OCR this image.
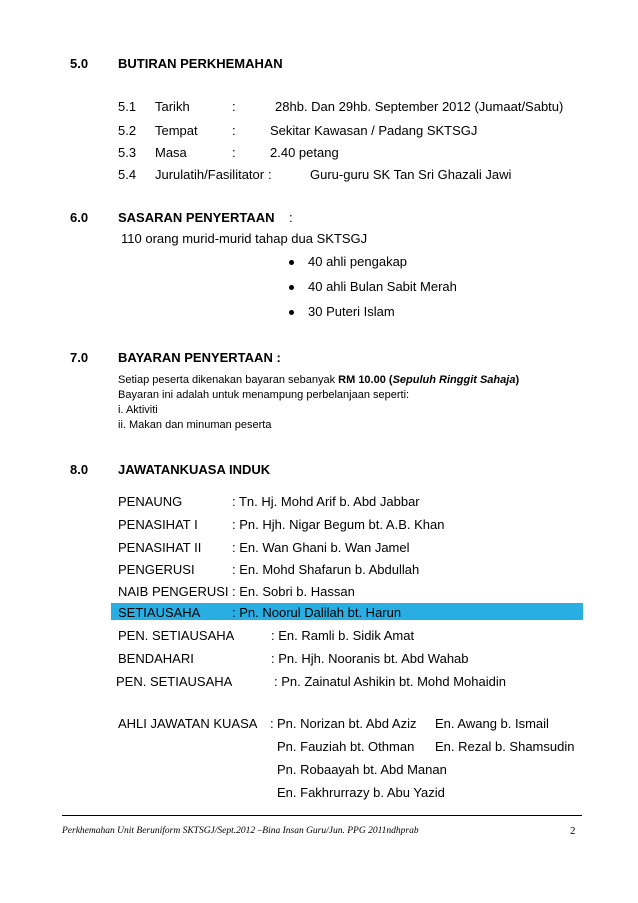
5.0 BUTIRAN PERKHEMAHAN
5.1 Tarikh	:	28hb. Dan 29hb. September 2012 (Jumaat/Sabtu)
5.2 Tempat	:	Sekitar Kawasan / Padang SKTSGJ
5.3 Masa	:	2.40 petang
5.4 Jurulatih/Fasilitator :	Guru-guru SK Tan Sri Ghazali Jawi
6.0 SASARAN PENYERTAAN :
110 orang murid-murid tahap dua SKTSGJ
40 ahli pengakap
40 ahli Bulan Sabit Merah
30 Puteri Islam
7.0 BAYARAN PENYERTAAN :
Setiap peserta dikenakan bayaran sebanyak RM 10.00 (Sepuluh Ringgit Sahaja)
Bayaran ini adalah untuk menampung perbelanjaan seperti:
i. Aktiviti
ii. Makan dan minuman peserta
8.0 JAWATANKUASA INDUK
PENAUNG	: Tn. Hj. Mohd Arif b. Abd Jabbar
PENASIHAT I	: Pn. Hjh. Nigar Begum bt. A.B. Khan
PENASIHAT II : En. Wan Ghani b. Wan Jamel
PENGERUSI	: En. Mohd Shafarun b. Abdullah
NAIB PENGERUSI : En. Sobri b. Hassan
SETIAUSAHA : Pn. Noorul Dalilah bt. Harun
PEN. SETIAUSAHA	: En. Ramli b. Sidik Amat
BENDAHARI	: Pn. Hjh. Nooranis bt. Abd Wahab
PEN. SETIAUSAHA	: Pn. Zainatul Ashikin bt. Mohd Mohaidin
AHLI JAWATAN KUASA : Pn. Norizan bt. Abd Aziz En. Awang b. Ismail
Pn. Fauziah bt. Othman En. Rezal b. Shamsudin
Pn. Robaayah bt. Abd Manan
En. Fakhrurrazy b. Abu Yazid
Perkhemahan Unit Beruniform SKTSGJ/Sept.2012 –Bina Insan Guru/Jun. PPG 2011ndhprab	2
